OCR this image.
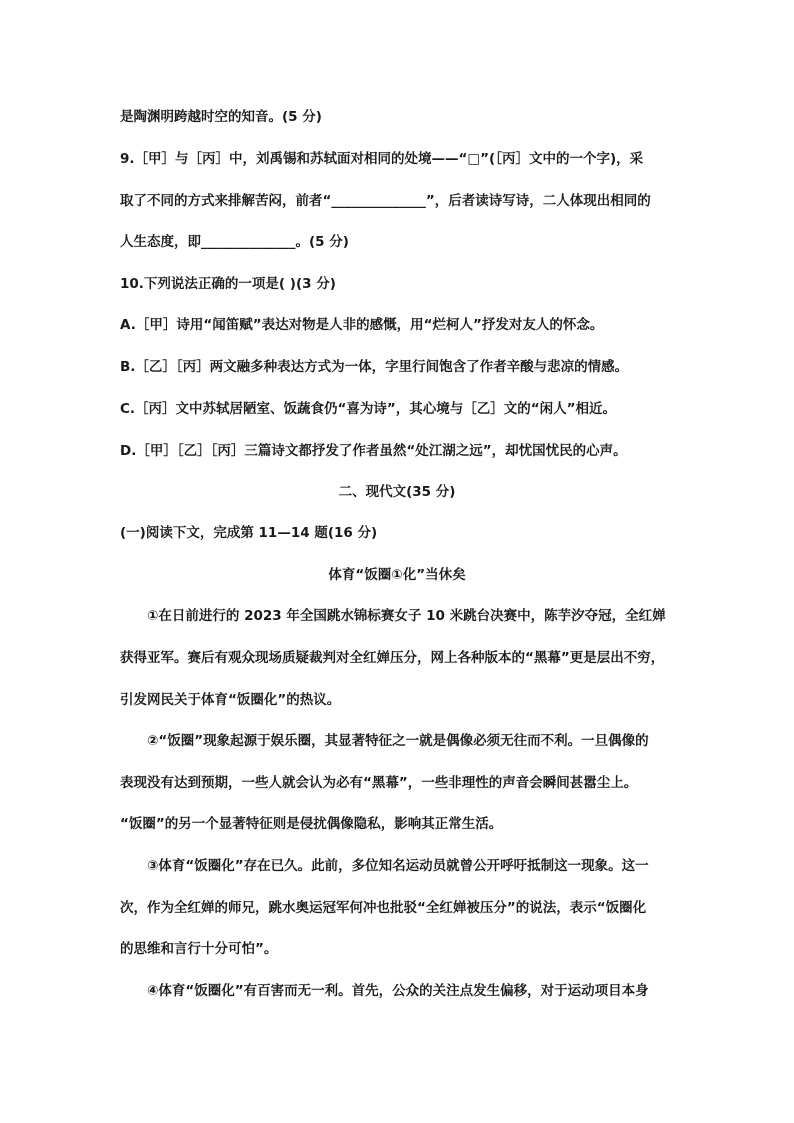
是陶渊明跨越时空的知音。(5 分)
9.［甲］与［丙］中，刘禹锡和苏轼面对相同的处境——“□”(［丙］文中的一个字)，采
取了不同的方式来排解苦闷，前者“______________”，后者读诗写诗，二人体现出相同的
人生态度，即______________。(5 分)
10.下列说法正确的一项是( )(3 分)
A.［甲］诗用“闻笛赋”表达对物是人非的感慨，用“烂柯人”抒发对友人的怀念。
B.［乙］［丙］两文融多种表达方式为一体，字里行间饱含了作者辛酸与悲凉的情感。
C.［丙］文中苏轼居陋室、饭蔬食仍“喜为诗”，其心境与［乙］文的“闲人”相近。
D.［甲］［乙］［丙］三篇诗文都抒发了作者虽然“处江湖之远”，却忧国忧民的心声。
二、现代文(35 分)
(一)阅读下文，完成第 11—14 题(16 分)
体育“饭圈①化”当休矣
①在日前进行的 2023 年全国跳水锦标赛女子 10 米跳台决赛中，陈芋汐夺冠，全红婵
获得亚军。赛后有观众现场质疑裁判对全红婵压分，网上各种版本的“黑幕”更是层出不穷，
引发网民关于体育“饭圈化”的热议。
②“饭圈”现象起源于娱乐圈，其显著特征之一就是偶像必须无往而不利。一旦偶像的
表现没有达到预期，一些人就会认为必有“黑幕”，一些非理性的声音会瞬间甚嚣尘上。
“饭圈”的另一个显著特征则是侵扰偶像隐私，影响其正常生活。
③体育“饭圈化”存在已久。此前，多位知名运动员就曾公开呼吁抵制这一现象。这一
次，作为全红婵的师兄，跳水奥运冠军何冲也批驳“全红婵被压分”的说法，表示“饭圈化
的思维和言行十分可怕”。
④体育“饭圈化”有百害而无一利。首先，公众的关注点发生偏移，对于运动项目本身
